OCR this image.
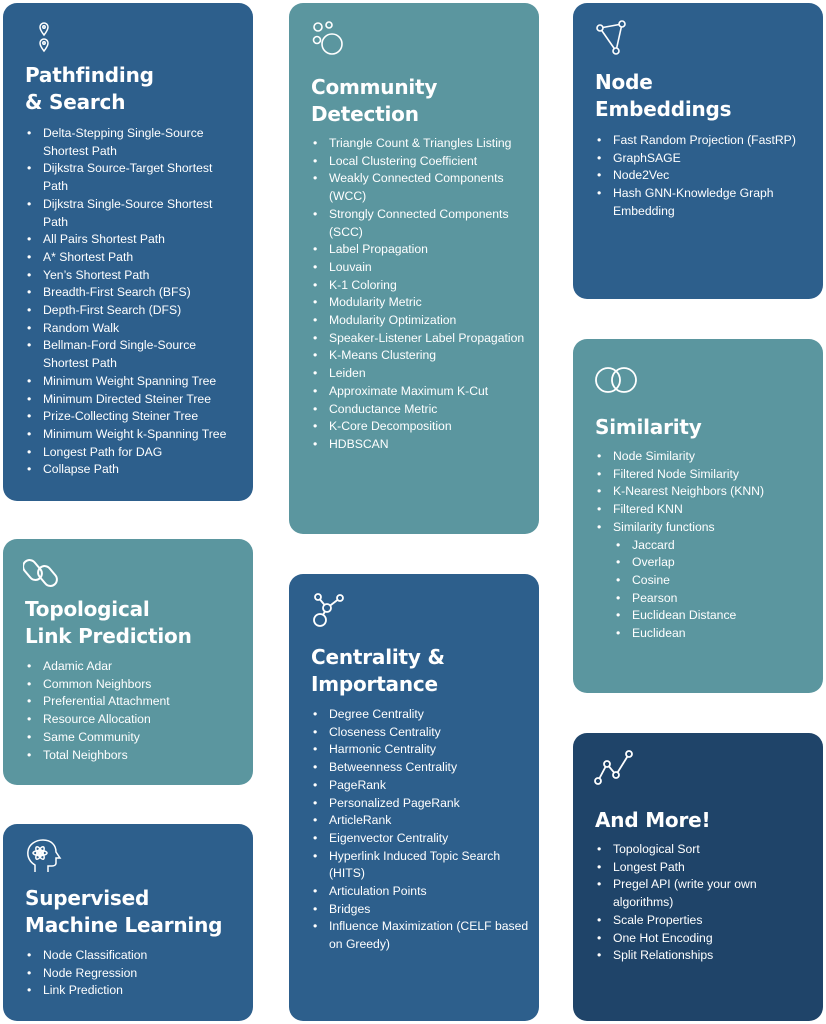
Pathfinding
& Search
• Delta-Stepping Single-Source Shortest Path
• Dijkstra Source-Target Shortest Path
• Dijkstra Single-Source Shortest Path
• All Pairs Shortest Path
• A* Shortest Path
• Yen’s Shortest Path
• Breadth-First Search (BFS)
• Depth-First Search (DFS)
• Random Walk
• Bellman-Ford Single-Source Shortest Path
• Minimum Weight Spanning Tree
• Minimum Directed Steiner Tree
• Prize-Collecting Steiner Tree
• Minimum Weight k-Spanning Tree
• Longest Path for DAG
• Collapse Path
Community
Detection
• Triangle Count & Triangles Listing
• Local Clustering Coefficient
• Weakly Connected Components (WCC)
• Strongly Connected Components (SCC)
• Label Propagation
• Louvain
• K-1 Coloring
• Modularity Metric
• Modularity Optimization
• Speaker-Listener Label Propagation
• K-Means Clustering
• Leiden
• Approximate Maximum K-Cut
• Conductance Metric
• K-Core Decomposition
• HDBSCAN
Node
Embeddings
• Fast Random Projection (FastRP)
• GraphSAGE
• Node2Vec
• Hash GNN-Knowledge Graph Embedding
Similarity
• Node Similarity
• Filtered Node Similarity
• K-Nearest Neighbors (KNN)
• Filtered KNN
• Similarity functions
• Jaccard
• Overlap
• Cosine
• Pearson
• Euclidean Distance
• Euclidean
Topological
Link Prediction
• Adamic Adar
• Common Neighbors
• Preferential Attachment
• Resource Allocation
• Same Community
• Total Neighbors
Centrality &
Importance
• Degree Centrality
• Closeness Centrality
• Harmonic Centrality
• Betweenness Centrality
• PageRank
• Personalized PageRank
• ArticleRank
• Eigenvector Centrality
• Hyperlink Induced Topic Search (HITS)
• Articulation Points
• Bridges
• Influence Maximization (CELF based on Greedy)
Supervised
Machine Learning
• Node Classification
• Node Regression
• Link Prediction
And More!
• Topological Sort
• Longest Path
• Pregel API (write your own algorithms)
• Scale Properties
• One Hot Encoding
• Split Relationships
